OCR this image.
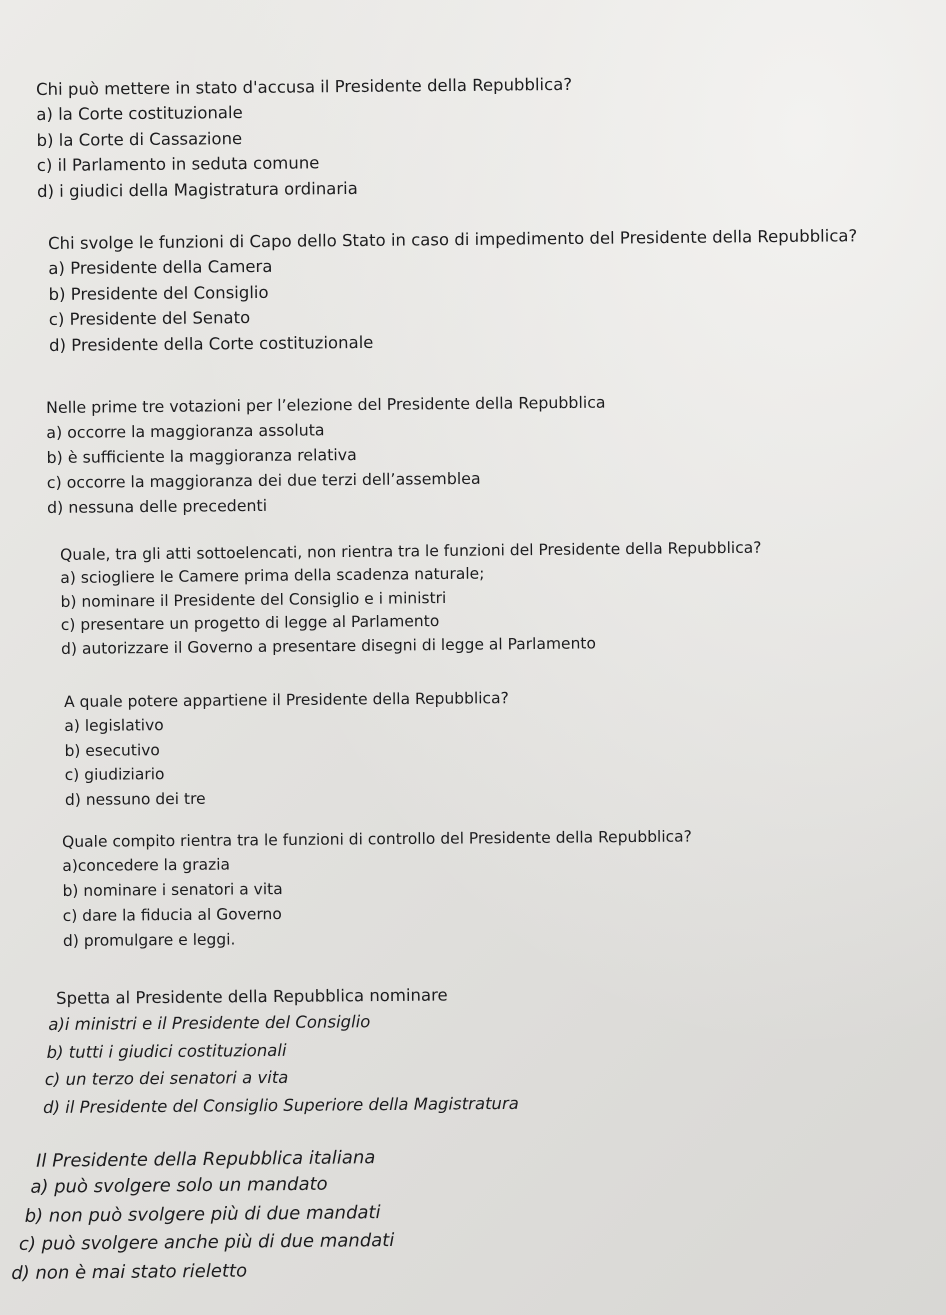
Chi può mettere in stato d'accusa il Presidente della Repubblica?
a) la Corte costituzionale
b) la Corte di Cassazione
c) il Parlamento in seduta comune
d) i giudici della Magistratura ordinaria
Chi svolge le funzioni di Capo dello Stato in caso di impedimento del Presidente della Repubblica?
a) Presidente della Camera
b) Presidente del Consiglio
c) Presidente del Senato
d) Presidente della Corte costituzionale
Nelle prime tre votazioni per l’elezione del Presidente della Repubblica
a) occorre la maggioranza assoluta
b) è sufficiente la maggioranza relativa
c) occorre la maggioranza dei due terzi dell’assemblea
d) nessuna delle precedenti
Quale, tra gli atti sottoelencati, non rientra tra le funzioni del Presidente della Repubblica?
a) sciogliere le Camere prima della scadenza naturale;
b) nominare il Presidente del Consiglio e i ministri
c) presentare un progetto di legge al Parlamento
d) autorizzare il Governo a presentare disegni di legge al Parlamento
A quale potere appartiene il Presidente della Repubblica?
a) legislativo
b) esecutivo
c) giudiziario
d) nessuno dei tre
Quale compito rientra tra le funzioni di controllo del Presidente della Repubblica?
a)concedere la grazia
b) nominare i senatori a vita
c) dare la fiducia al Governo
d) promulgare e leggi.
Spetta al Presidente della Repubblica nominare
a)i ministri e il Presidente del Consiglio
b) tutti i giudici costituzionali
c) un terzo dei senatori a vita
d) il Presidente del Consiglio Superiore della Magistratura
Il Presidente della Repubblica italiana
a) può svolgere solo un mandato
b) non può svolgere più di due mandati
c) può svolgere anche più di due mandati
d) non è mai stato rieletto
